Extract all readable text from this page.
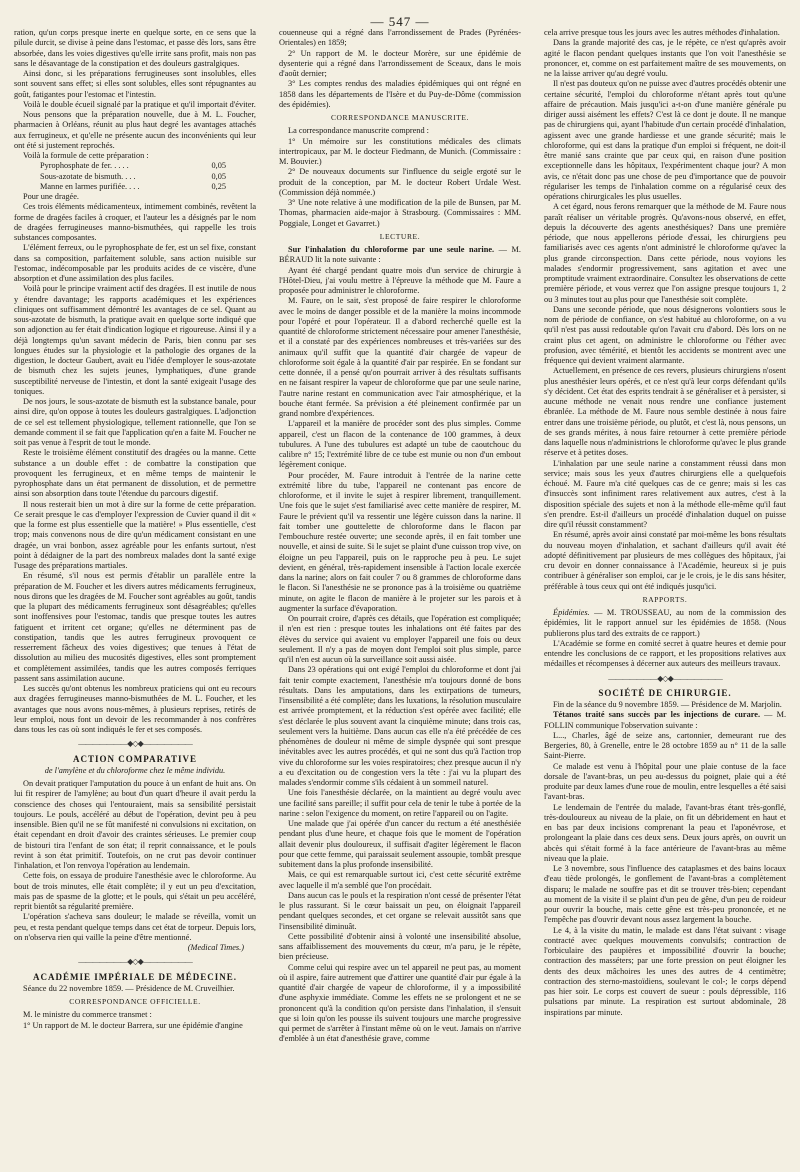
— 547 —

ration, qu'un corps presque inerte en quelque sorte, en ce sens que la pilule durcit, se divise à peine dans l'estomac, et passe dès lors, sans être absorbée, dans les voies digestives qu'elle irrite sans profit, mais non pas sans le désavantage de la constipation et des douleurs gastralgiques.

Ainsi donc, si les préparations ferrugineuses sont insolubles, elles sont souvent sans effet; si elles sont solubles, elles sont répugnantes au goût, fatigantes pour l'estomac et l'intestin.

Voilà le double écueil signalé par la pratique et qu'il importait d'éviter.

Nous pensons que la préparation nouvelle, due à M. L. Foucher, pharmacien à Orléans, réunit au plus haut degré les avantages attachés aux ferrugineux, et qu'elle ne présente aucun des inconvénients qui leur ont été si justement reprochés.

Voilà la formule de cette préparation :

Pyrophosphate de fer. . . . .	0,05
Sous-azotate de bismuth. . . .	0,05
Manne en larmes purifiée. . . .	0,25

Pour une dragée.

Ces trois éléments médicamenteux, intimement combinés, revêtent la forme de dragées faciles à croquer, et l'auteur les a désignés par le nom de dragées ferrugineuses manno-bismuthées, qui rappelle les trois substances composantes.

L'élément ferreux, ou le pyrophosphate de fer, est un sel fixe, constant dans sa composition, parfaitement soluble, sans action nuisible sur l'estomac, indécomposable par les produits acides de ce viscère, d'une absorption et d'une assimilation des plus faciles.

Voilà pour le principe vraiment actif des dragées. Il est inutile de nous y étendre davantage; les rapports académiques et les expériences cliniques ont suffisamment démontré les avantages de ce sel. Quant au sous-azotate de bismuth, la pratique avait en quelque sorte indiqué que son adjonction au fer était d'indication logique et rigoureuse. Ainsi il y a déjà longtemps qu'un savant médecin de Paris, bien connu par ses longues études sur la physiologie et la pathologie des organes de la digestion, le docteur Gaubert, avait eu l'idée d'employer le sous-azotate de bismuth chez les sujets jeunes, lymphatiques, d'une grande susceptibilité nerveuse de l'intestin, et dont la santé exigeait l'usage des toniques.

De nos jours, le sous-azotate de bismuth est la substance banale, pour ainsi dire, qu'on oppose à toutes les douleurs gastralgiques. L'adjonction de ce sel est tellement physiologique, tellement rationnelle, que l'on se demande comment il se fait que l'application qu'en a faite M. Foucher ne soit pas venue à l'esprit de tout le monde.

Reste le troisième élément constitutif des dragées ou la manne. Cette substance a un double effet : de combattre la constipation que provoquent les ferrugineux, et en même temps de maintenir le pyrophosphate dans un état permanent de dissolution, et de permettre ainsi son absorption dans toute l'étendue du parcours digestif.

Il nous resterait bien un mot à dire sur la forme de cette préparation. Ce serait presque le cas d'employer l'expression de Cuvier quand il dit « que la forme est plus essentielle que la matière! » Plus essentielle, c'est trop; mais convenons nous de dire qu'un médicament consistant en une dragée, un vrai bonbon, assez agréable pour les enfants surtout, n'est point à dédaigner de la part des nombreux malades dont la santé exige l'usage des préparations martiales.

En résumé, s'il nous est permis d'établir un parallèle entre la préparation de M. Foucher et les divers autres médicaments ferrugineux, nous dirons que les dragées de M. Foucher sont agréables au goût, tandis que la plupart des médicaments ferrugineux sont désagréables; qu'elles sont inoffensives pour l'estomac, tandis que presque toutes les autres fatiguent et irritent cet organe; qu'elles ne déterminent pas de constipation, tandis que les autres ferrugineux provoquent ce resserrement fâcheux des voies digestives; que tenues à l'état de dissolution au milieu des mucosités digestives, elles sont promptement et complètement assimilées, tandis que les autres composés ferriques passent sans assimilation aucune.

Les succès qu'ont obtenus les nombreux praticiens qui ont eu recours aux dragées ferrugineuses manno-bismuthées de M. L. Foucher, et les avantages que nous avons nous-mêmes, à plusieurs reprises, retirés de leur emploi, nous font un devoir de les recommander à nos confrères dans tous les cas où sont indiqués le fer et ses composés.

———————◆◇◆———————
ACTION COMPARATIVE
de l'amylène et du chloroforme chez le même individu.

On devait pratiquer l'amputation du pouce à un enfant de huit ans. On lui fit respirer de l'amylène; au bout d'un quart d'heure il avait perdu la conscience des choses qui l'entouraient, mais sa sensibilité persistait toujours. Le pouls, accéléré au début de l'opération, devint peu à peu insensible. Bien qu'il ne se fût manifesté ni convulsions ni excitation, on était cependant en droit d'avoir des craintes sérieuses. Le premier coup de bistouri tira l'enfant de son état; il reprit connaissance, et le pouls revint à son état primitif. Toutefois, on ne crut pas devoir continuer l'inhalation, et l'on renvoya l'opération au lendemain.

Cette fois, on essaya de produire l'anesthésie avec le chloroforme. Au bout de trois minutes, elle était complète; il y eut un peu d'excitation, mais pas de spasme de la glotte; et le pouls, qui s'était un peu accéléré, reprit bientôt sa régularité première.

L'opération s'acheva sans douleur; le malade se réveilla, vomit un peu, et resta pendant quelque temps dans cet état de torpeur. Depuis lors, on n'observa rien qui vaille la peine d'être mentionné.

(Medical Times.)
———————◆◇◆———————
ACADÉMIE IMPÉRIALE DE MÉDECINE.

Séance du 22 novembre 1859. — Présidence de M. Cruveilhier.

CORRESPONDANCE OFFICIELLE.

M. le ministre du commerce transmet :

1° Un rapport de M. le docteur Barrera, sur une épidémie d'angine

couenneuse qui a régné dans l'arrondissement de Prades (Pyrénées-Orientales) en 1859;

2° Un rapport de M. le docteur Morère, sur une épidémie de dysenterie qui a régné dans l'arrondissement de Sceaux, dans le mois d'août dernier;

3° Les comptes rendus des maladies épidémiques qui ont régné en 1858 dans les départements de l'Isère et du Puy-de-Dôme (commission des épidémies).

CORRESPONDANCE MANUSCRITE.

La correspondance manuscrite comprend :

1° Un mémoire sur les constitutions médicales des climats intertropicaux, par M. le docteur Fiedmann, de Munich. (Commissaire : M. Bouvier.)

2° De nouveaux documents sur l'influence du seigle ergoté sur le produit de la conception, par M. le docteur Robert Urdale West. (Commission déjà nommée.)

3° Une note relative à une modification de la pile de Bunsen, par M. Thomas, pharmacien aide-major à Strasbourg. (Commissaires : MM. Poggiale, Longet et Gavarret.)

LECTURE.

Sur l'inhalation du chloroforme par une seule narine. — M. BÉRAUD lit la note suivante :

Ayant été chargé pendant quatre mois d'un service de chirurgie à l'Hôtel-Dieu, j'ai voulu mettre à l'épreuve la méthode que M. Faure a proposée pour administrer le chloroforme.

M. Faure, on le sait, s'est proposé de faire respirer le chloroforme avec le moins de danger possible et de la manière la moins incommode pour l'opéré et pour l'opérateur. Il a d'abord recherché quelle est la quantité de chloroforme strictement nécessaire pour amener l'anesthésie, et il a constaté par des expériences nombreuses et très-variées sur des animaux qu'il suffit que la quantité d'air chargée de vapeur de chloroforme soit égale à la quantité d'air par respirée. En se fondant sur cette donnée, il a pensé qu'on pourrait arriver à des résultats suffisants en ne faisant respirer la vapeur de chloroforme que par une seule narine, l'autre narine restant en communication avec l'air atmosphérique, et la bouche étant fermée. Sa prévision a été pleinement confirmée par un grand nombre d'expériences.

L'appareil et la manière de procéder sont des plus simples. Comme appareil, c'est un flacon de la contenance de 100 grammes, à deux tubulures. A l'une des tubulures est adapté un tube de caoutchouc du calibre n° 15; l'extrémité libre de ce tube est munie ou non d'un embout légèrement conique.

Pour procéder, M. Faure introduit à l'entrée de la narine cette extrémité libre du tube, l'appareil ne contenant pas encore de chloroforme, et il invite le sujet à respirer librement, tranquillement. Une fois que le sujet s'est familiarisé avec cette manière de respirer, M. Faure le prévient qu'il va ressentir une légère cuisson dans la narine. Il fait tomber une gouttelette de chloroforme dans le flacon par l'embouchure restée ouverte; une seconde après, il en fait tomber une nouvelle, et ainsi de suite. Si le sujet se plaint d'une cuisson trop vive, on éloigne un peu l'appareil, puis on le rapproche peu à peu. Le sujet devient, en général, très-rapidement insensible à l'action locale exercée dans la narine; alors on fait couler 7 ou 8 grammes de chloroforme dans le flacon. Si l'anesthésie ne se prononce pas à la troisième ou quatrième minute, on agite le flacon de manière à le projeter sur les parois et à augmenter la surface d'évaporation.

On pourrait croire, d'après ces détails, que l'opération est compliquée; il n'en est rien : presque toutes les inhalations ont été faites par des élèves du service qui avaient vu employer l'appareil une fois ou deux seulement. Il n'y a pas de moyen dont l'emploi soit plus simple, parce qu'il n'en est aucun où la surveillance soit aussi aisée.

Dans 23 opérations qui ont exigé l'emploi du chloroforme et dont j'ai fait tenir compte exactement, l'anesthésie m'a toujours donné de bons résultats. Dans les amputations, dans les extirpations de tumeurs, l'insensibilité a été complète; dans les luxations, la résolution musculaire est arrivée promptement, et la réduction s'est opérée avec facilité; elle s'est déclarée le plus souvent avant la cinquième minute; dans trois cas, seulement vers la huitième. Dans aucun cas elle n'a été précédée de ces phénomènes de douleur ni même de simple dyspnée qui sont presque inévitables avec les autres procédés, et qui ne sont dus qu'à l'action trop vive du chloroforme sur les voies respiratoires; chez presque aucun il n'y a eu d'excitation ou de congestion vers la tête : j'ai vu la plupart des malades s'endormir comme s'ils cédaient à un sommeil naturel.

Une fois l'anesthésie déclarée, on la maintient au degré voulu avec une facilité sans pareille; il suffit pour cela de tenir le tube à portée de la narine : selon l'exigence du moment, on retire l'appareil ou on l'agite.

Une malade que j'ai opérée d'un cancer du rectum a été anesthésiée pendant plus d'une heure, et chaque fois que le moment de l'opération allait devenir plus douloureux, il suffisait d'agiter légèrement le flacon pour que cette femme, qui paraissait seulement assoupie, tombât presque subitement dans la plus profonde insensibilité.

Mais, ce qui est remarquable surtout ici, c'est cette sécurité extrême avec laquelle il m'a semblé que l'on procédait.

Dans aucun cas le pouls et la respiration n'ont cessé de présenter l'état le plus rassurant. Si le cœur baissait un peu, on éloignait l'appareil pendant quelques secondes, et cet organe se relevait aussitôt sans que l'insensibilité diminuât.

Cette possibilité d'obtenir ainsi à volonté une insensibilité absolue, sans affaiblissement des mouvements du cœur, m'a paru, je le répète, bien précieuse.

Comme celui qui respire avec un tel appareil ne peut pas, au moment où il aspire, faire autrement que d'attirer une quantité d'air pur égale à la quantité d'air chargée de vapeur de chloroforme, il y a impossibilité d'une asphyxie immédiate. Comme les effets ne se prolongent et ne se prononcent qu'à la condition qu'on persiste dans l'inhalation, il s'ensuit que si loin qu'on les pousse ils suivent toujours une marche progressive qui permet de s'arrêter à l'instant même où on le veut. Jamais on n'arrive d'emblée à un état d'anesthésie grave, comme

cela arrive presque tous les jours avec les autres méthodes d'inhalation.

Dans la grande majorité des cas, je le répète, ce n'est qu'après avoir agité le flacon pendant quelques instants que l'on voit l'anesthésie se prononcer, et, comme on est parfaitement maître de ses mouvements, on ne la laisse arriver qu'au degré voulu.

Il n'est pas douteux qu'on ne puisse avec d'autres procédés obtenir une certaine sécurité, l'emploi du chloroforme n'étant après tout qu'une affaire de précaution. Mais jusqu'ici a-t-on d'une manière générale pu diriger aussi aisément les effets? C'est là ce dont je doute. Il ne manque pas de chirurgiens qui, ayant l'habitude d'un certain procédé d'inhalation, agissent avec une grande hardiesse et une grande sécurité; mais le chloroforme, qui est dans la pratique d'un emploi si fréquent, ne doit-il être manié sans crainte que par ceux qui, en raison d'une position exceptionnelle dans les hôpitaux, l'expérimentent chaque jour? A mon avis, ce n'était donc pas une chose de peu d'importance que de pouvoir régulariser les temps de l'inhalation comme on a régularisé ceux des opérations chirurgicales les plus usuelles.

A cet égard, nous ferons remarquer que la méthode de M. Faure nous paraît réaliser un véritable progrès. Qu'avons-nous observé, en effet, depuis la découverte des agents anesthésiques? Dans une première période, que nous appellerons période d'essai, les chirurgiens peu familiarisés avec ces agents n'ont administré le chloroforme qu'avec la plus grande circonspection. Dans cette période, nous voyions les malades s'endormir progressivement, sans agitation et avec une promptitude vraiment extraordinaire. Consultez les observations de cette première période, et vous verrez que l'on assigne presque toujours 1, 2 ou 3 minutes tout au plus pour que l'anesthésie soit complète.

Dans une seconde période, que nous désignerons volontiers sous le nom de période de confiance, on s'est habitué au chloroforme, on a vu qu'il n'est pas aussi redoutable qu'on l'avait cru d'abord. Dès lors on ne craint plus cet agent, on administre le chloroforme ou l'éther avec profusion, avec témérité, et bientôt les accidents se montrent avec une fréquence qui devient vraiment alarmante.

Actuellement, en présence de ces revers, plusieurs chirurgiens n'osent plus anesthésier leurs opérés, et ce n'est qu'à leur corps défendant qu'ils s'y décident. Cet état des esprits tendrait à se généraliser et à persister, si aucune méthode ne venait nous rendre une confiance justement ébranlée. La méthode de M. Faure nous semble destinée à nous faire entrer dans une troisième période, ou plutôt, et c'est là, nous pensons, un de ses grands mérites, à nous faire retourner à cette première période dans laquelle nous n'administrions le chloroforme qu'avec le plus grande réserve et à petites doses.

L'inhalation par une seule narine a constamment réussi dans mon service; mais sous les yeux d'autres chirurgiens elle a quelquefois échoué. M. Faure m'a cité quelques cas de ce genre; mais si les cas d'insuccès sont infiniment rares relativement aux autres, c'est à la disposition spéciale des sujets et non à la méthode elle-même qu'il faut s'en prendre. Est-il d'ailleurs un procédé d'inhalation duquel on puisse dire qu'il réussit constamment?

En résumé, après avoir ainsi constaté par moi-même les bons résultats du nouveau moyen d'inhalation, et sachant d'ailleurs qu'il avait été adopté définitivement par plusieurs de mes collègues des hôpitaux, j'ai cru devoir en donner connaissance à l'Académie, heureux si je puis contribuer à généraliser son emploi, car je le crois, je le dis sans hésiter, préférable à tous ceux qui ont été indiqués jusqu'ici.

RAPPORTS.

Épidémies. — M. TROUSSEAU, au nom de la commission des épidémies, lit le rapport annuel sur les épidémies de 1858. (Nous publierons plus tard des extraits de ce rapport.)

L'Académie se forme en comité secret à quatre heures et demie pour entendre les conclusions de ce rapport, et les propositions relatives aux médailles et récompenses à décerner aux auteurs des meilleurs travaux.

———————◆◇◆———————
SOCIÉTÉ DE CHIRURGIE.

Fin de la séance du 9 novembre 1859. — Présidence de M. Marjolin.

Tétanos traité sans succès par les injections de curare. — M. FOLLIN communique l'observation suivante :

L..., Charles, âgé de seize ans, cartonnier, demeurant rue des Bergeries, 80, à Grenelle, entre le 28 octobre 1859 au n° 11 de la salle Saint-Pierre.

Ce malade est venu à l'hôpital pour une plaie contuse de la face dorsale de l'avant-bras, un peu au-dessus du poignet, plaie qui a été produite par deux lames d'une roue de moulin, entre lesquelles a été saisi l'avant-bras.

Le lendemain de l'entrée du malade, l'avant-bras étant très-gonflé, très-douloureux au niveau de la plaie, on fit un débridement en haut et en bas par deux incisions comprenant la peau et l'aponévrose, et prolongeant la plaie dans ces deux sens. Deux jours après, on ouvrit un abcès qui s'était formé à la face antérieure de l'avant-bras au même niveau que la plaie.

Le 3 novembre, sous l'influence des cataplasmes et des bains locaux d'eau tiède prolongés, le gonflement de l'avant-bras a complètement disparu; le malade ne souffre pas et dit se trouver très-bien; cependant au moment de la visite il se plaint d'un peu de gêne, d'un peu de roideur pour ouvrir la bouche, mais cette gêne est très-peu prononcée, et ne l'empêche pas d'ouvrir devant nous assez largement la bouche.

Le 4, à la visite du matin, le malade est dans l'état suivant : visage contracté avec quelques mouvements convulsifs; contraction de l'orbiculaire des paupières et impossibilité d'ouvrir la bouche; contraction des masséters; par une forte pression on peut éloigner les dents des deux mâchoires les unes des autres de 4 centimètre; contraction des sterno-mastoïdiens, soulevant le col-; le corps dépend pas hier soir. Le corps est couvert de sueur : pouls dépressible, 116 pulsations par minute. La respiration est surtout abdominale, 28 inspirations par minute.
